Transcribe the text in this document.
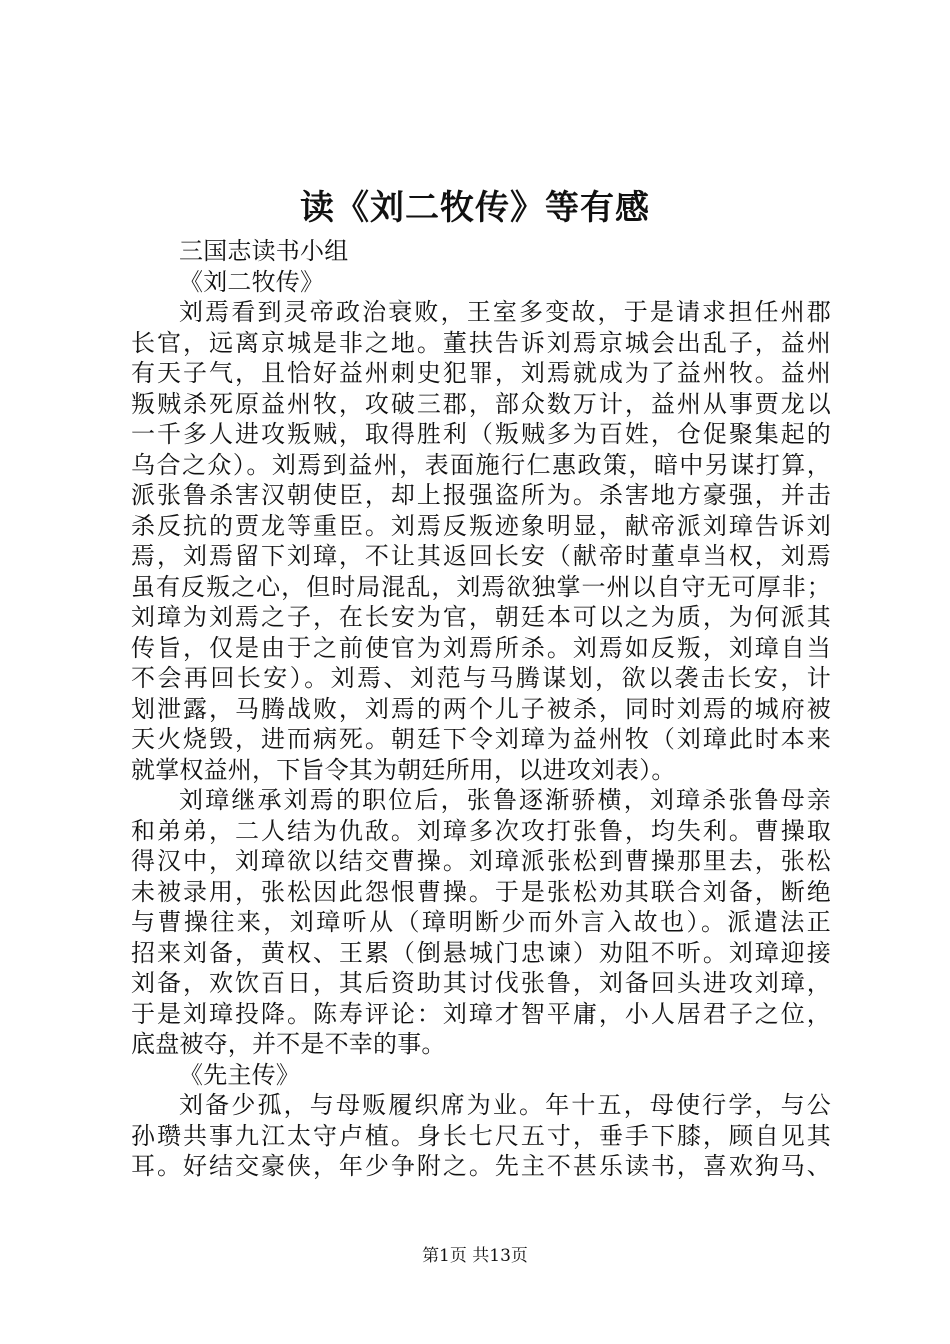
读《刘二牧传》等有感
三国志读书小组
《刘二牧传》
刘焉看到灵帝政治衰败，王室多变故，于是请求担任州郡
长官，远离京城是非之地。董扶告诉刘焉京城会出乱子，益州
有天子气，且恰好益州刺史犯罪，刘焉就成为了益州牧。益州
叛贼杀死原益州牧，攻破三郡，部众数万计，益州从事贾龙以
一千多人进攻叛贼，取得胜利（叛贼多为百姓，仓促聚集起的
乌合之众）。刘焉到益州，表面施行仁惠政策，暗中另谋打算，
派张鲁杀害汉朝使臣，却上报强盗所为。杀害地方豪强，并击
杀反抗的贾龙等重臣。刘焉反叛迹象明显，献帝派刘璋告诉刘
焉，刘焉留下刘璋，不让其返回长安（献帝时董卓当权，刘焉
虽有反叛之心，但时局混乱，刘焉欲独掌一州以自守无可厚非；
刘璋为刘焉之子，在长安为官，朝廷本可以之为质，为何派其
传旨，仅是由于之前使官为刘焉所杀。刘焉如反叛，刘璋自当
不会再回长安）。刘焉、刘范与马腾谋划，欲以袭击长安，计
划泄露，马腾战败，刘焉的两个儿子被杀，同时刘焉的城府被
天火烧毁，进而病死。朝廷下令刘璋为益州牧（刘璋此时本来
就掌权益州，下旨令其为朝廷所用，以进攻刘表）。
刘璋继承刘焉的职位后，张鲁逐渐骄横，刘璋杀张鲁母亲
和弟弟，二人结为仇敌。刘璋多次攻打张鲁，均失利。曹操取
得汉中，刘璋欲以结交曹操。刘璋派张松到曹操那里去，张松
未被录用，张松因此怨恨曹操。于是张松劝其联合刘备，断绝
与曹操往来，刘璋听从（璋明断少而外言入故也）。派遣法正
招来刘备，黄权、王累（倒悬城门忠谏）劝阻不听。刘璋迎接
刘备，欢饮百日，其后资助其讨伐张鲁，刘备回头进攻刘璋，
于是刘璋投降。陈寿评论：刘璋才智平庸，小人居君子之位，
底盘被夺，并不是不幸的事。
《先主传》
刘备少孤，与母贩履织席为业。年十五，母使行学，与公
孙瓒共事九江太守卢植。身长七尺五寸，垂手下膝，顾自见其
耳。好结交豪侠，年少争附之。先主不甚乐读书，喜欢狗马、
第1页 共13页
